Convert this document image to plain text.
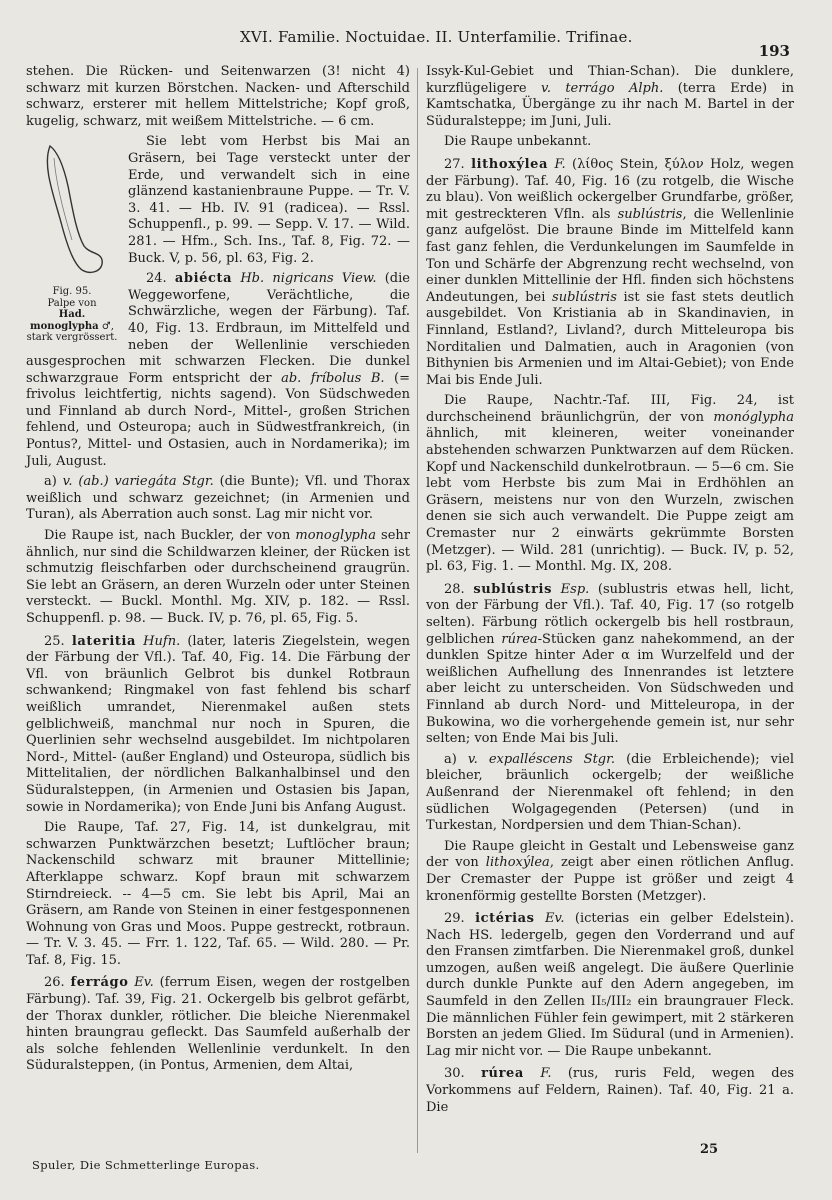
XVI. Familie. Noctuidae. II. Unterfamilie. Trifinae.
193

stehen. Die Rücken- und Seitenwarzen (3! nicht 4) schwarz mit kurzen Börstchen. Nacken- und Afterschild schwarz, ersterer mit hellem Mittelstriche; Kopf groß, kugelig, schwarz, mit weißem Mittelstriche. — 6 cm.

Fig. 95.
Palpe von
Had. monoglypha ♂,
stark vergrössert.

Sie lebt vom Herbst bis Mai an Gräsern, bei Tage versteckt unter der Erde, und verwandelt sich in eine glänzend kastanienbraune Puppe. — Tr. V. 3. 41. — Hb. IV. 91 (radicea). — Rssl. Schuppenfl., p. 99. — Sepp. V. 17. — Wild. 281. — Hfm., Sch. Ins., Taf. 8, Fig. 72. — Buck. V, p. 56, pl. 63, Fig. 2.

24. abiécta Hb. nigricans View. (die Weggeworfene, Verächtliche, die Schwärzliche, wegen der Färbung). Taf. 40, Fig. 13. Erdbraun, im Mittelfeld und neben der Wellenlinie verschieden ausgesprochen mit schwarzen Flecken. Die dunkel schwarzgraue Form entspricht der ab. fríbolus B. (= frivolus leichtfertig, nichts sagend). Von Südschweden und Finnland ab durch Nord-, Mittel-, großen Strichen fehlend, und Osteuropa; auch in Südwestfrankreich, (in Pontus?, Mittel- und Ostasien, auch in Nordamerika); im Juli, August.

a) v. (ab.) variegáta Stgr. (die Bunte); Vfl. und Thorax weißlich und schwarz gezeichnet; (in Armenien und Turan), als Aberration auch sonst. Lag mir nicht vor.

Die Raupe ist, nach Buckler, der von monoglypha sehr ähnlich, nur sind die Schildwarzen kleiner, der Rücken ist schmutzig fleischfarben oder durchscheinend graugrün. Sie lebt an Gräsern, an deren Wurzeln oder unter Steinen versteckt. — Buckl. Monthl. Mg. XIV, p. 182. — Rssl. Schuppenfl. p. 98. — Buck. IV, p. 76, pl. 65, Fig. 5.

25. lateritia Hufn. (later, lateris Ziegelstein, wegen der Färbung der Vfl.). Taf. 40, Fig. 14. Die Färbung der Vfl. von bräunlich Gelbrot bis dunkel Rotbraun schwankend; Ringmakel von fast fehlend bis scharf weißlich umrandet, Nierenmakel außen stets gelblichweiß, manchmal nur noch in Spuren, die Querlinien sehr wechselnd ausgebildet. Im nichtpolaren Nord-, Mittel- (außer England) und Osteuropa, südlich bis Mittelitalien, der nördlichen Balkanhalbinsel und den Süduralsteppen, (in Armenien und Ostasien bis Japan, sowie in Nordamerika); von Ende Juni bis Anfang August.

Die Raupe, Taf. 27, Fig. 14, ist dunkelgrau, mit schwarzen Punktwärzchen besetzt; Luftlöcher braun; Nackenschild schwarz mit brauner Mittellinie; Afterklappe schwarz. Kopf braun mit schwarzem Stirndreieck. -- 4—5 cm. Sie lebt bis April, Mai an Gräsern, am Rande von Steinen in einer festgesponnenen Wohnung von Gras und Moos. Puppe gestreckt, rotbraun. — Tr. V. 3. 45. — Frr. 1. 122, Taf. 65. — Wild. 280. — Pr. Taf. 8, Fig. 15.

26. ferrágo Ev. (ferrum Eisen, wegen der rostgelben Färbung). Taf. 39, Fig. 21. Ockergelb bis gelbrot gefärbt, der Thorax dunkler, rötlicher. Die bleiche Nierenmakel hinten braungrau gefleckt. Das Saumfeld außerhalb der als solche fehlenden Wellenlinie verdunkelt. In den Süduralsteppen, (in Pontus, Armenien, dem Altai,

Issyk-Kul-Gebiet und Thian-Schan). Die dunklere, kurzflügeligere v. terrágo Alph. (terra Erde) in Kamtschatka, Übergänge zu ihr nach M. Bartel in der Süduralsteppe; im Juni, Juli.

Die Raupe unbekannt.

27. lithoxýlea F. (λίθος Stein, ξύλον Holz, wegen der Färbung). Taf. 40, Fig. 16 (zu rotgelb, die Wische zu blau). Von weißlich ockergelber Grundfarbe, größer, mit gestreckteren Vfln. als sublústris, die Wellenlinie ganz aufgelöst. Die braune Binde im Mittelfeld kann fast ganz fehlen, die Verdunkelungen im Saumfelde in Ton und Schärfe der Abgrenzung recht wechselnd, von einer dunklen Mittellinie der Hfl. finden sich höchstens Andeutungen, bei sublústris ist sie fast stets deutlich ausgebildet. Von Kristiania ab in Skandinavien, in Finnland, Estland?, Livland?, durch Mitteleuropa bis Norditalien und Dalmatien, auch in Aragonien (von Bithynien bis Armenien und im Altai-Gebiet); von Ende Mai bis Ende Juli.

Die Raupe, Nachtr.-Taf. III, Fig. 24, ist durchscheinend bräunlichgrün, der von monóglypha ähnlich, mit kleineren, weiter voneinander abstehenden schwarzen Punktwarzen auf dem Rücken. Kopf und Nackenschild dunkelrotbraun. — 5—6 cm. Sie lebt vom Herbste bis zum Mai in Erdhöhlen an Gräsern, meistens nur von den Wurzeln, zwischen denen sie sich auch verwandelt. Die Puppe zeigt am Cremaster nur 2 einwärts gekrümmte Borsten (Metzger). — Wild. 281 (unrichtig). — Buck. IV, p. 52, pl. 63, Fig. 1. — Monthl. Mg. IX, 208.

28. sublústris Esp. (sublustris etwas hell, licht, von der Färbung der Vfl.). Taf. 40, Fig. 17 (so rotgelb selten). Färbung rötlich ockergelb bis hell rostbraun, gelblichen rúrea-Stücken ganz nahekommend, an der dunklen Spitze hinter Ader α im Wurzelfeld und der weißlichen Aufhellung des Innenrandes ist letztere aber leicht zu unterscheiden. Von Südschweden und Finnland ab durch Nord- und Mitteleuropa, in der Bukowina, wo die vorhergehende gemein ist, nur sehr selten; von Ende Mai bis Juli.

a) v. expalléscens Stgr. (die Erbleichende); viel bleicher, bräunlich ockergelb; der weißliche Außenrand der Nierenmakel oft fehlend; in den südlichen Wolgagegenden (Petersen) (und in Turkestan, Nordpersien und dem Thian-Schan).

Die Raupe gleicht in Gestalt und Lebensweise ganz der von lithoxýlea, zeigt aber einen rötlichen Anflug. Der Cremaster der Puppe ist größer und zeigt 4 kronenförmig gestellte Borsten (Metzger).

29. ictérias Ev. (icterias ein gelber Edelstein). Nach HS. ledergelb, gegen den Vorderrand und auf den Fransen zimtfarben. Die Nierenmakel groß, dunkel umzogen, außen weiß angelegt. Die äußere Querlinie durch dunkle Punkte auf den Adern angegeben, im Saumfeld in den Zellen II₅/III₂ ein braungrauer Fleck. Die männlichen Fühler fein gewimpert, mit 2 stärkeren Borsten an jedem Glied. Im Südural (und in Armenien). Lag mir nicht vor. — Die Raupe unbekannt.

30. rúrea F. (rus, ruris Feld, wegen des Vorkommens auf Feldern, Rainen). Taf. 40, Fig. 21 a. Die

Spuler, Die Schmetterlinge Europas.
25
